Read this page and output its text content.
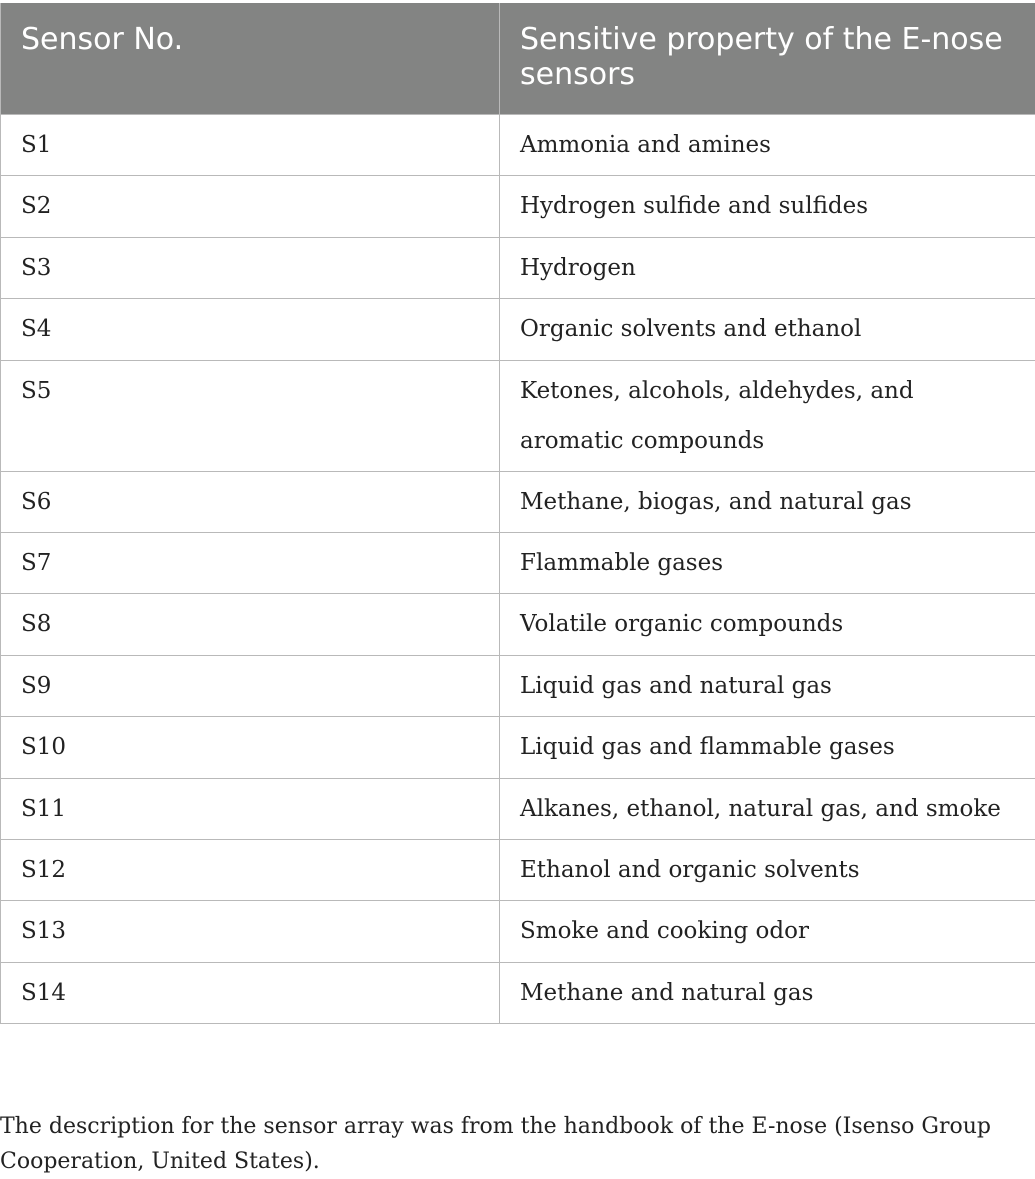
Sensor No.	Sensitive property of the E-nose sensors
S1	Ammonia and amines
S2	Hydrogen sulfide and sulfides
S3	Hydrogen
S4	Organic solvents and ethanol
S5	Ketones, alcohols, aldehydes, and aromatic compounds
S6	Methane, biogas, and natural gas
S7	Flammable gases
S8	Volatile organic compounds
S9	Liquid gas and natural gas
S10	Liquid gas and flammable gases
S11	Alkanes, ethanol, natural gas, and smoke
S12	Ethanol and organic solvents
S13	Smoke and cooking odor
S14	Methane and natural gas

The description for the sensor array was from the handbook of the E-nose (Isenso Group Cooperation, United States).
